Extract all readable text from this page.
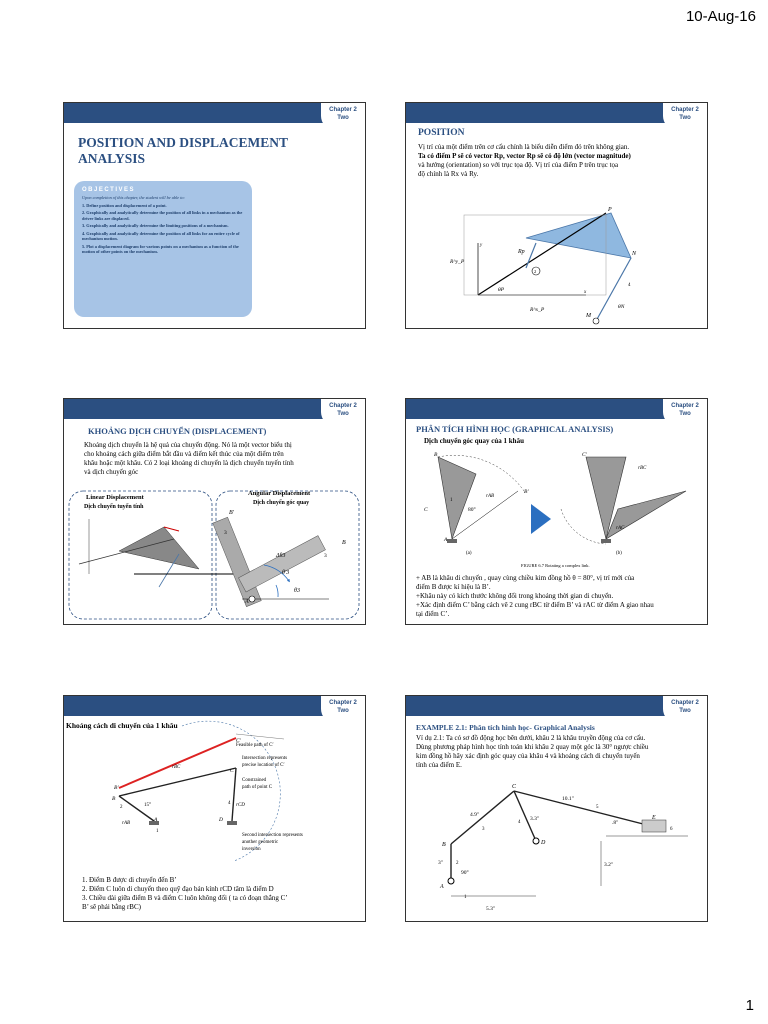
10-Aug-16
Chapter 2
Two
POSITION AND DISPLACEMENT
ANALYSIS
OBJECTIVES
Upon completion of this chapter, the student will be able to:

1. Define position and displacement of a point.

2. Graphically and analytically determine the position of all links in a mechanism as the driver links are displaced.

3. Graphically and analytically determine the limiting positions of a mechanism.

4. Graphically and analytically determine the position of all links for an entire cycle of mechanism motion.

5. Plot a displacement diagram for various points on a mechanism as a function of the motion of other points on the mechanism.

Chapter 2
Two
POSITION
Vị trí của một điểm trên cơ cấu chính là biểu diễn điểm đó trên không gian.
Ta có điểm P sẽ có vector Rp, vector Rp sẽ có độ lớn (vector magnitude)
và hướng (orientation) so với trục tọa độ. Vị trí của điểm P trên trục tọa
độ chính là Rx và Ry.
P
N
M
Rp
R^y_P
R^x_P
θP
θN
y
x
4
2
Chapter 2
Two
KHOẢNG DỊCH CHUYỂN (DISPLACEMENT)
Khoảng dịch chuyển là hệ quả của chuyển động. Nó là một vector biểu thị
cho khoảng cách giữa điểm bắt đầu và điểm kết thúc của một điểm trên
khâu hoặc một khâu. Có 2 loại khoảng di chuyển là dịch chuyển tuyến tính
và dịch chuyển góc
Linear Displacement
Dịch chuyển tuyến tính
Angular Displacement
Dịch chuyển góc quay
A
B′
B
Δθ3
θ′3
θ3
3
3
Chapter 2
Two
PHÂN TÍCH HÌNH HỌC (GRAPHICAL ANALYSIS)
Dịch chuyển góc quay của 1 khâu
B
C
A
B′
80°
rAB
1
(a)	(b)
C′
rBC
rAC
FIGURE 6.7 Rotating a complex link.
+ AB là khâu di chuyển , quay cùng chiều kim đồng hồ θ = 80°, vị trí mới của
điểm B được kí hiệu là B’.
+Khâu này có kích thước không đổi trong khoảng thời gian di chuyển.
+Xác định điểm C’ bằng cách vẽ 2 cung rBC từ điểm B’ và rAC từ điểm A giao nhau
tại điểm C’.
Chapter 2
Two
Khoảng cách di chuyển của 1 khâu
Feasible path of C′
Intersection represents
precise location of C′
Constrained
path of point C
Second intersection represents
another geometric
inversion
B′
B
C′
C
A	D
rBC
rAB
rCD
15°
1
2
4
1. Điểm B được di chuyển đến B’
2. Điểm C luôn di chuyển theo quỹ đạo bán kính rCD tâm là điểm D
3. Chiều dài giữa điểm B và điểm C luôn không đổi ( ta có đoạn thẳng C’
B’ sẽ phải bằng rBC)
Chapter 2
Two
EXAMPLE 2.1: Phân tích hình học- Graphical Analysis
Ví dụ 2.1: Ta có sơ đồ động học bên dưới, khâu 2 là khâu truyền động của cơ cấu.
Dùng phương pháp hình học tính toán khi khâu 2 quay một góc là 30° ngược chiều
kim đồng hồ hãy xác định góc quay của khâu 4 và khoảng cách di chuyển tuyến
tính của điểm E.
C
B
A
D
E
4.9"
10.1"
3.3"
.8"
3"	3.2"
5.3"
90°
1
2
3
4
5
6
1
